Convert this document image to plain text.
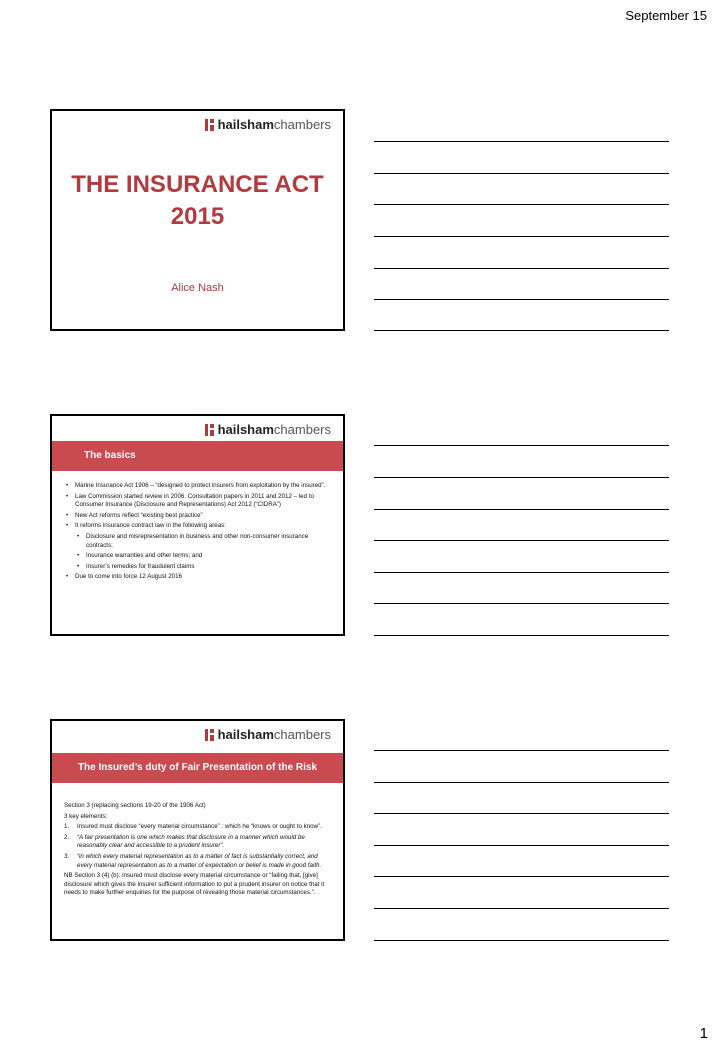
September 15
hailsham chambers
THE INSURANCE ACT
2015
Alice Nash
hailsham chambers
The basics
• Marine Insurance Act 1906 – “designed to protect insurers from exploitation by the insured”.
• Law Commission started review in 2006. Consultation papers in 2011 and 2012 – led to Consumer Insurance (Disclosure and Representations) Act 2012 (“CIDRA”)
• New Act reforms reflect “existing best practice”
• It reforms insurance contract law in the following areas:
• Disclosure and misrepresentation in business and other non-consumer insurance contracts;
• Insurance warranties and other terms; and
• Insurer’s remedies for fraudulent claims
• Due to come into force 12 August 2016
hailsham chambers
The Insured’s duty of Fair Presentation of the Risk

Section 3 (replacing sections 19-20 of the 1906 Act)

3 key elements:

1. Insured must disclose “every material circumstance” : which he “knows or ought to know”.
2. “A fair presentation is one which makes that disclosure in a manner which would be reasonably clear and accessible to a prudent insurer”.
3. “in which every material representation as to a matter of fact is substantially correct, and every material representation as to a matter of expectation or belief is made in good faith.

NB Section 3 (4) (b): insured must disclose every material circumstance or “failing that, [give] disclosure which gives the insurer sufficient information to put a prudent insurer on notice that it needs to make further enquiries for the purpose of revealing those material circumstances.”.

1
